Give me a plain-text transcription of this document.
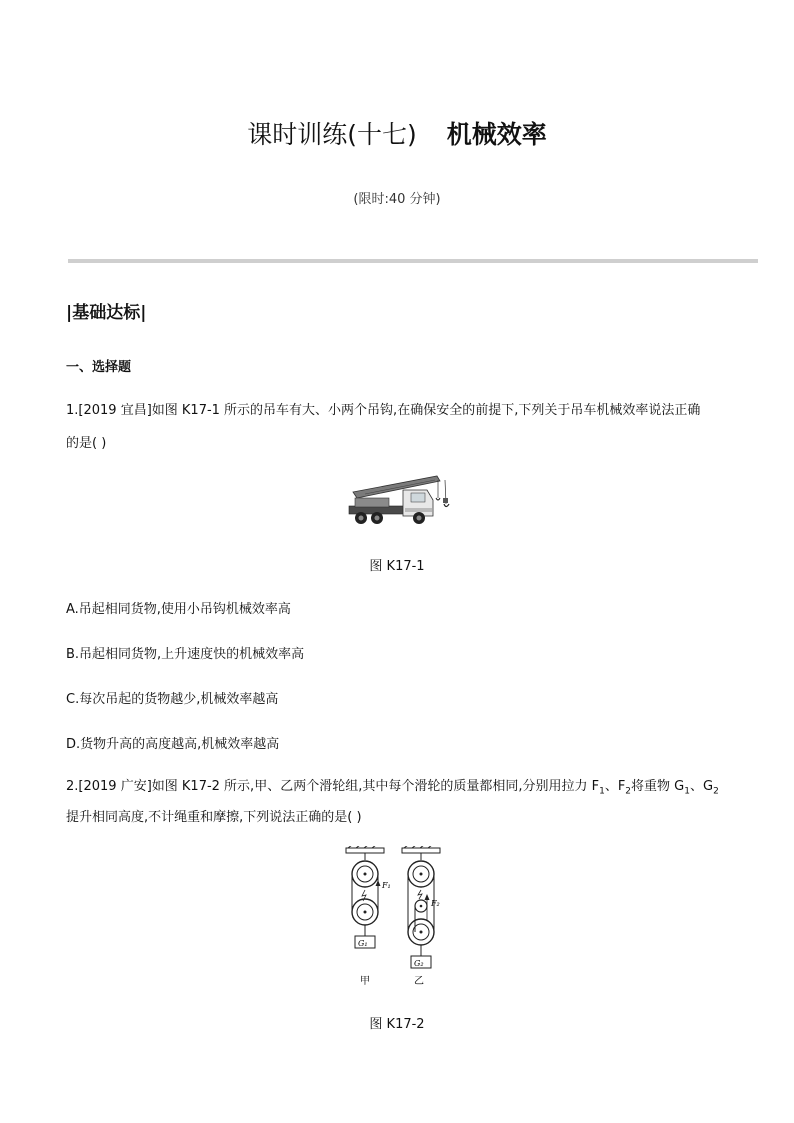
课时训练(十七) 机械效率
(限时:40 分钟)
|基础达标|
一、选择题
1.[2019 宜昌]如图 K17-1 所示的吊车有大、小两个吊钩,在确保安全的前提下,下列关于吊车机械效率说法正确
的是( )
图 K17-1
A.吊起相同货物,使用小吊钩机械效率高
B.吊起相同货物,上升速度快的机械效率高
C.每次吊起的货物越少,机械效率越高
D.货物升高的高度越高,机械效率越高
2.[2019 广安]如图 K17-2 所示,甲、乙两个滑轮组,其中每个滑轮的质量都相同,分别用拉力 $F_1$、$F_2$将重物 $G_1$、$G_2$
提升相同高度,不计绳重和摩擦,下列说法正确的是( )
F₁
G₁
F₂
G₂
甲	乙
图 K17-2
